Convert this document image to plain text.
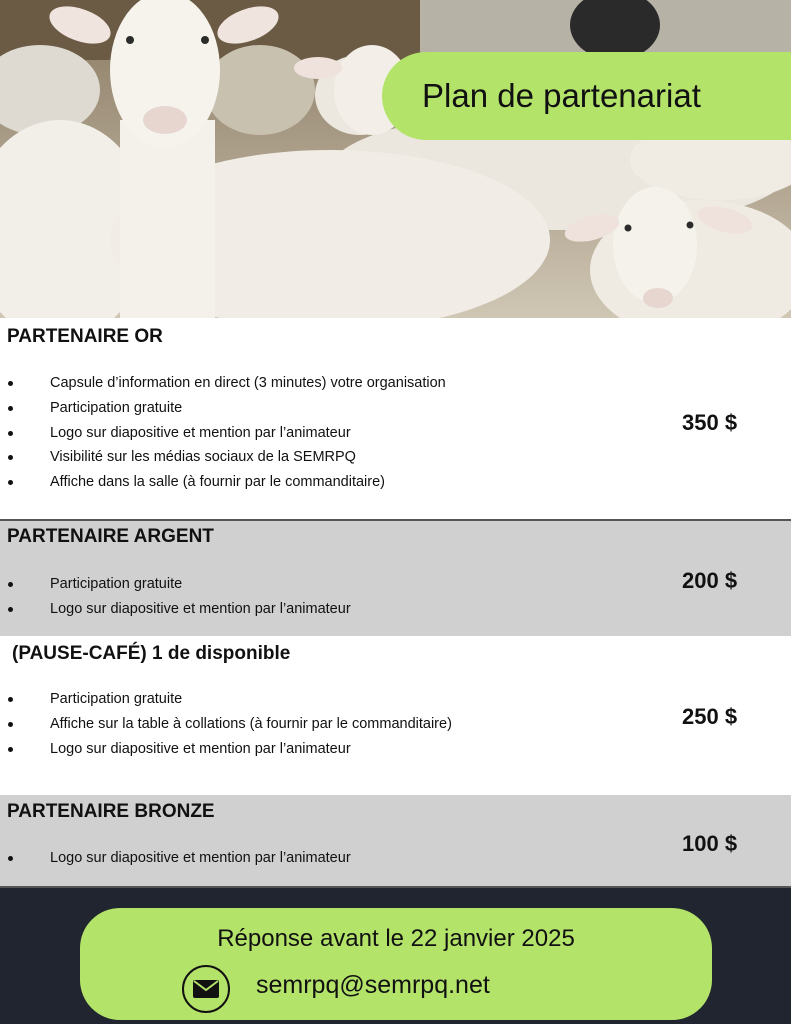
Plan de partenariat
PARTENAIRE OR
Capsule d’information en direct (3 minutes) votre organisation
Participation gratuite
Logo sur diapositive et mention par l’animateur
Visibilité sur les médias sociaux de la SEMRPQ
Affiche dans la salle (à fournir par le commanditaire)
350 $
PARTENAIRE ARGENT
Participation gratuite
Logo sur diapositive et mention par l’animateur
200 $
(PAUSE-CAFÉ) 1 de disponible
Participation gratuite
Affiche sur la table à collations (à fournir par le commanditaire)
Logo sur diapositive et mention par l’animateur
250 $
PARTENAIRE BRONZE
Logo sur diapositive et mention par l’animateur
100 $
Réponse avant le 22 janvier 2025
semrpq@semrpq.net
